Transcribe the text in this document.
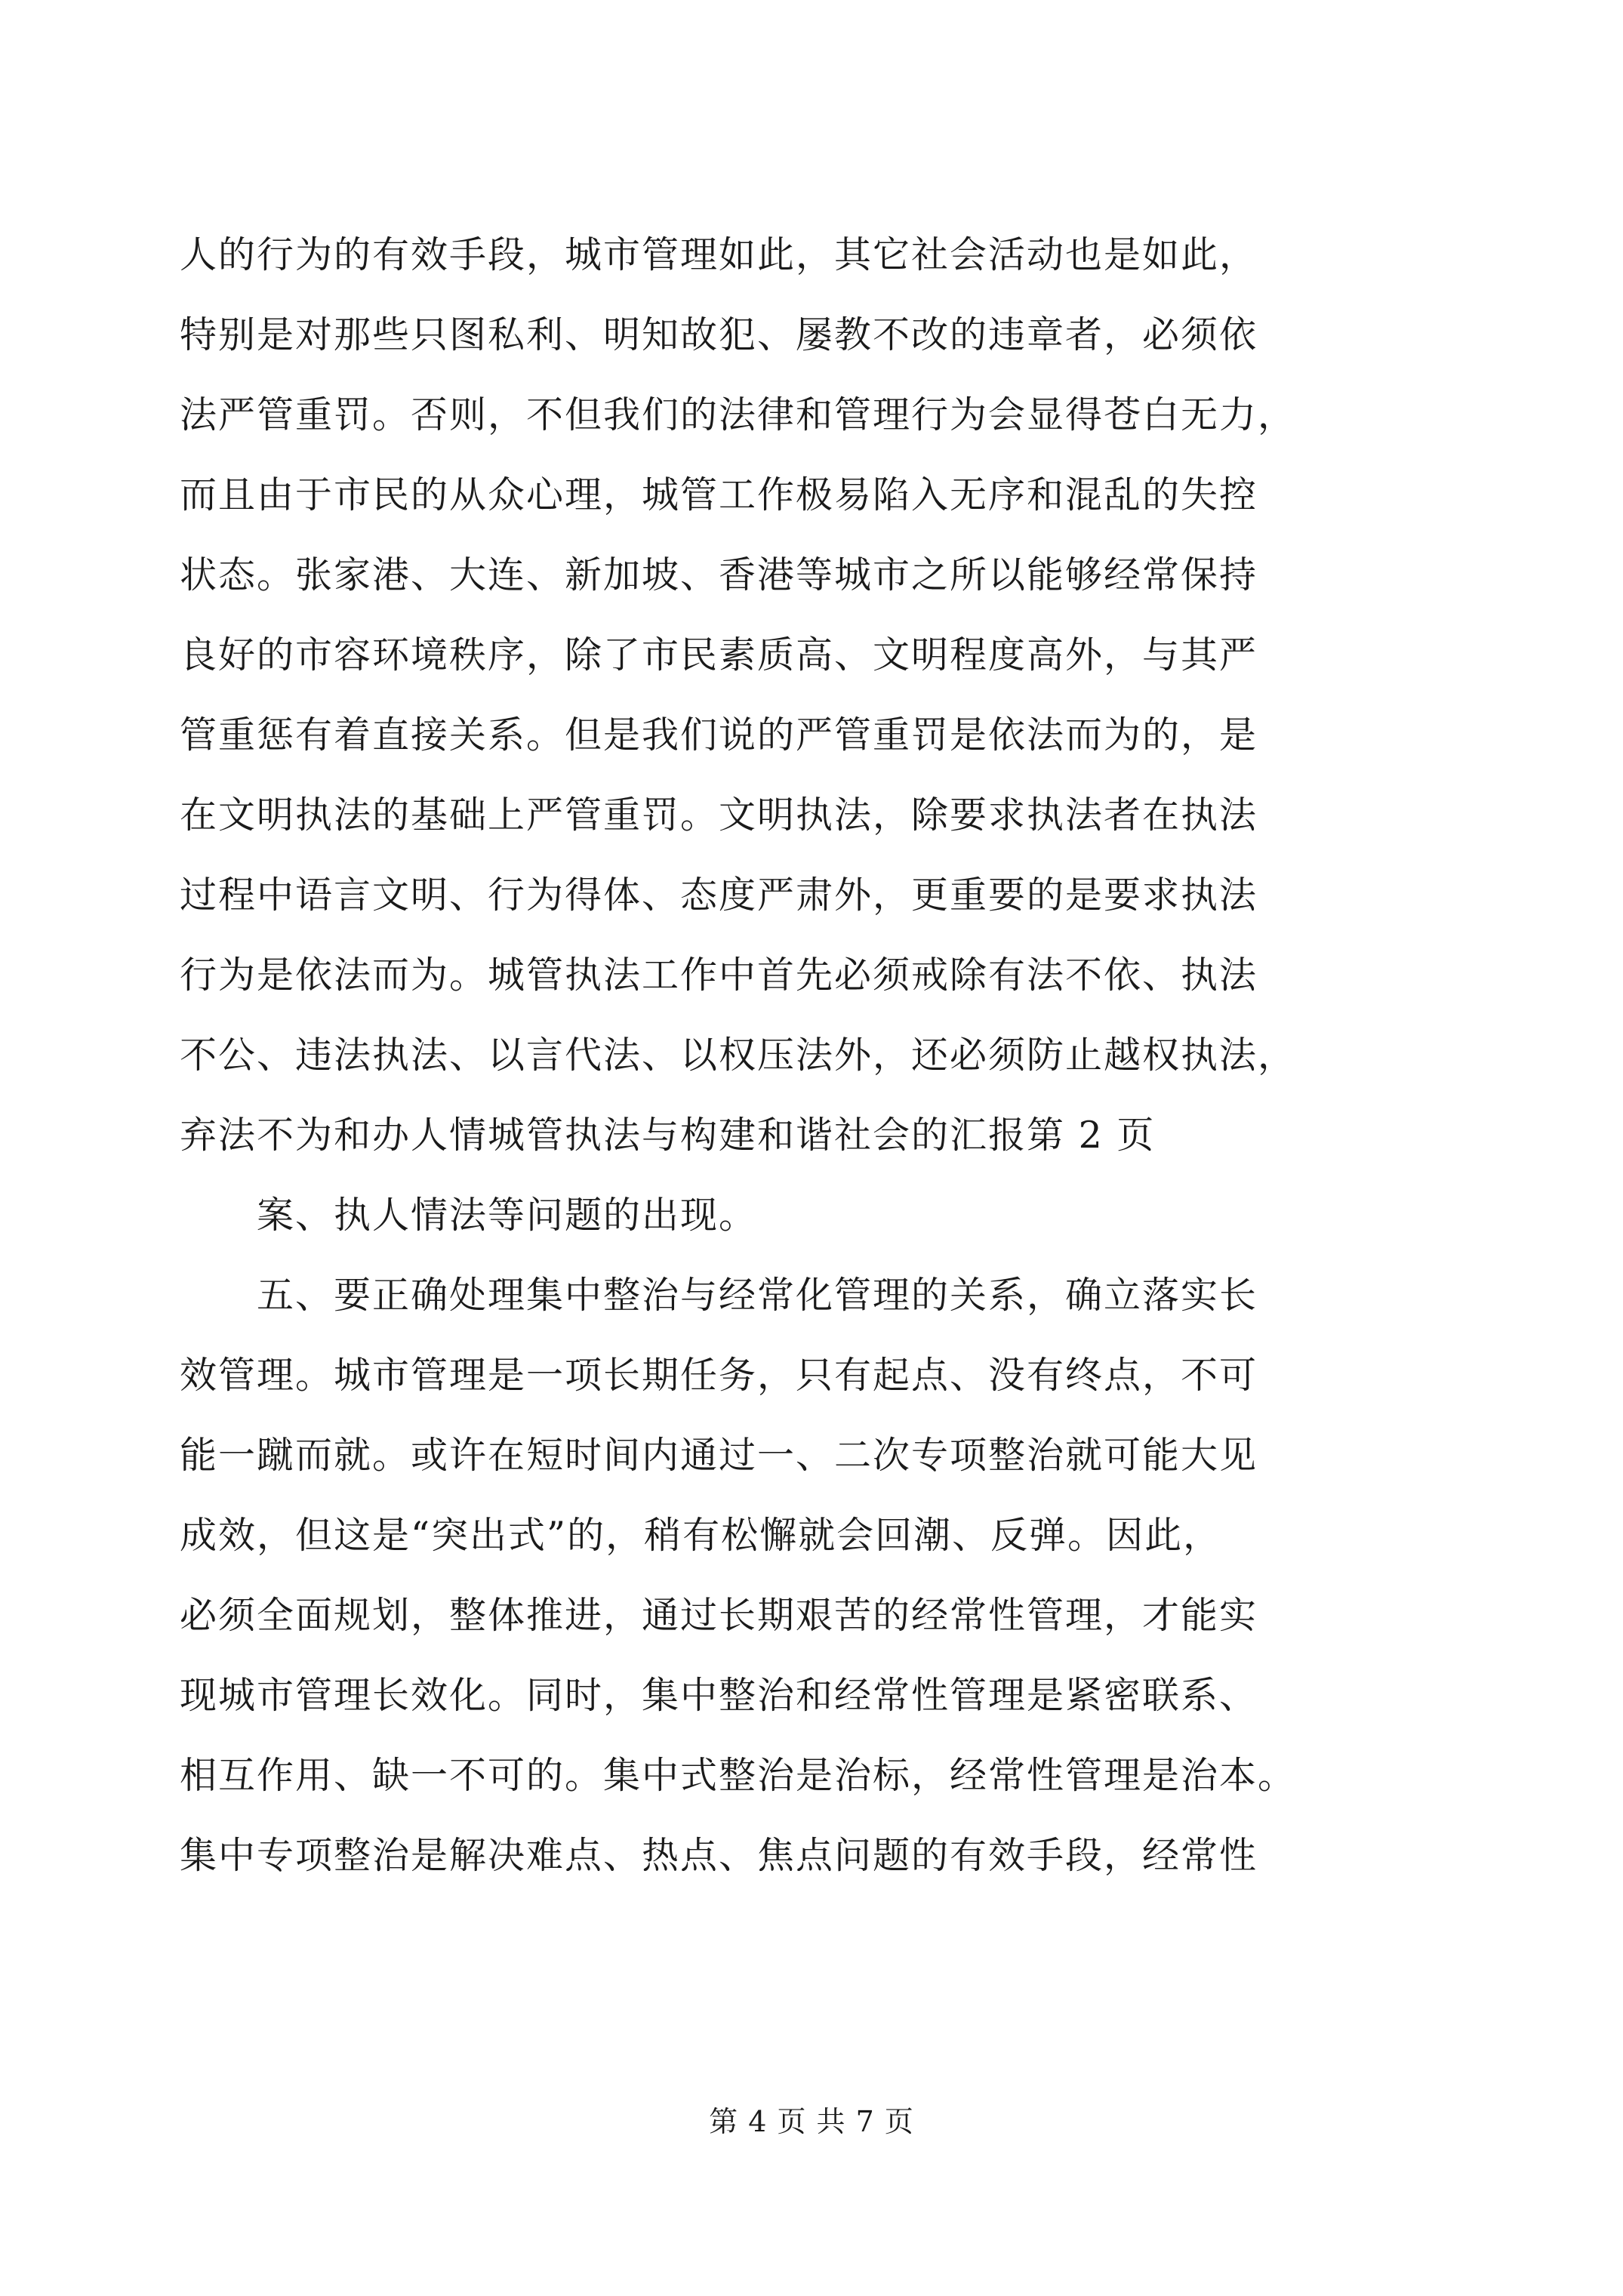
人的行为的有效手段，城市管理如此，其它社会活动也是如此，
特别是对那些只图私利、明知故犯、屡教不改的违章者，必须依
法严管重罚。否则，不但我们的法律和管理行为会显得苍白无力，
而且由于市民的从众心理，城管工作极易陷入无序和混乱的失控
状态。张家港、大连、新加坡、香港等城市之所以能够经常保持
良好的市容环境秩序，除了市民素质高、文明程度高外，与其严
管重惩有着直接关系。但是我们说的严管重罚是依法而为的，是
在文明执法的基础上严管重罚。文明执法，除要求执法者在执法
过程中语言文明、行为得体、态度严肃外，更重要的是要求执法
行为是依法而为。城管执法工作中首先必须戒除有法不依、执法
不公、违法执法、以言代法、以权压法外，还必须防止越权执法，
弃法不为和办人情城管执法与构建和谐社会的汇报第 2 页
案、执人情法等问题的出现。
五、要正确处理集中整治与经常化管理的关系，确立落实长
效管理。城市管理是一项长期任务，只有起点、没有终点，不可
能一蹴而就。或许在短时间内通过一、二次专项整治就可能大见
成效，但这是“突出式”的，稍有松懈就会回潮、反弹。因此，
必须全面规划，整体推进，通过长期艰苦的经常性管理，才能实
现城市管理长效化。同时，集中整治和经常性管理是紧密联系、
相互作用、缺一不可的。集中式整治是治标，经常性管理是治本。
集中专项整治是解决难点、热点、焦点问题的有效手段，经常性
第 4 页 共 7 页
